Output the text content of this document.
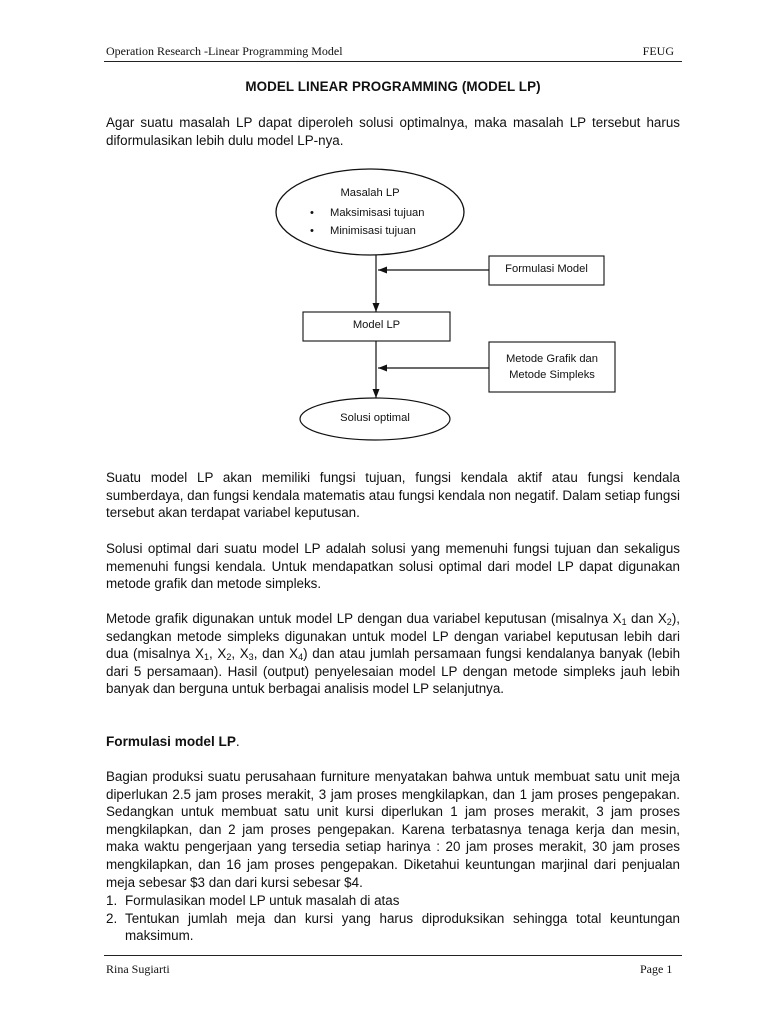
Operation Research -Linear Programming Model	FEUG
MODEL LINEAR PROGRAMMING (MODEL LP)

Agar suatu masalah LP dapat diperoleh solusi optimalnya, maka masalah LP tersebut harus diformulasikan lebih dulu model LP-nya.

Masalah LP
• Maksimisasi tujuan
• Minimisasi tujuan
Formulasi Model
Model LP
Metode Grafik dan
Metode Simpleks
Solusi optimal

Suatu model LP akan memiliki fungsi tujuan, fungsi kendala aktif atau fungsi kendala sumberdaya, dan fungsi kendala matematis atau fungsi kendala non negatif. Dalam setiap fungsi tersebut akan terdapat variabel keputusan.

Solusi optimal dari suatu model LP adalah solusi yang memenuhi fungsi tujuan dan sekaligus memenuhi fungsi kendala. Untuk mendapatkan solusi optimal dari model LP dapat digunakan metode grafik dan metode simpleks.

Metode grafik digunakan untuk model LP dengan dua variabel keputusan (misalnya $X_1$ dan $X_2$), sedangkan metode simpleks digunakan untuk model LP dengan variabel keputusan lebih dari dua (misalnya $X_1$, $X_2$, $X_3$, dan $X_4$) dan atau jumlah persamaan fungsi kendalanya banyak (lebih dari 5 persamaan). Hasil (output) penyelesaian model LP dengan metode simpleks jauh lebih banyak dan berguna untuk berbagai analisis model LP selanjutnya.

Formulasi model LP.

Bagian produksi suatu perusahaan furniture menyatakan bahwa untuk membuat satu unit meja diperlukan 2.5 jam proses merakit, 3 jam proses mengkilapkan, dan 1 jam proses pengepakan. Sedangkan untuk membuat satu unit kursi diperlukan 1 jam proses merakit, 3 jam proses mengkilapkan, dan 2 jam proses pengepakan. Karena terbatasnya tenaga kerja dan mesin, maka waktu pengerjaan yang tersedia setiap harinya : 20 jam proses merakit, 30 jam proses mengkilapkan, dan 16 jam proses pengepakan. Diketahui keuntungan marjinal dari penjualan meja sebesar $3 dan dari kursi sebesar $4.

1. Formulasikan model LP untuk masalah di atas
2. Tentukan jumlah meja dan kursi yang harus diproduksikan sehingga total keuntungan maksimum.
Rina Sugiarti	Page 1
